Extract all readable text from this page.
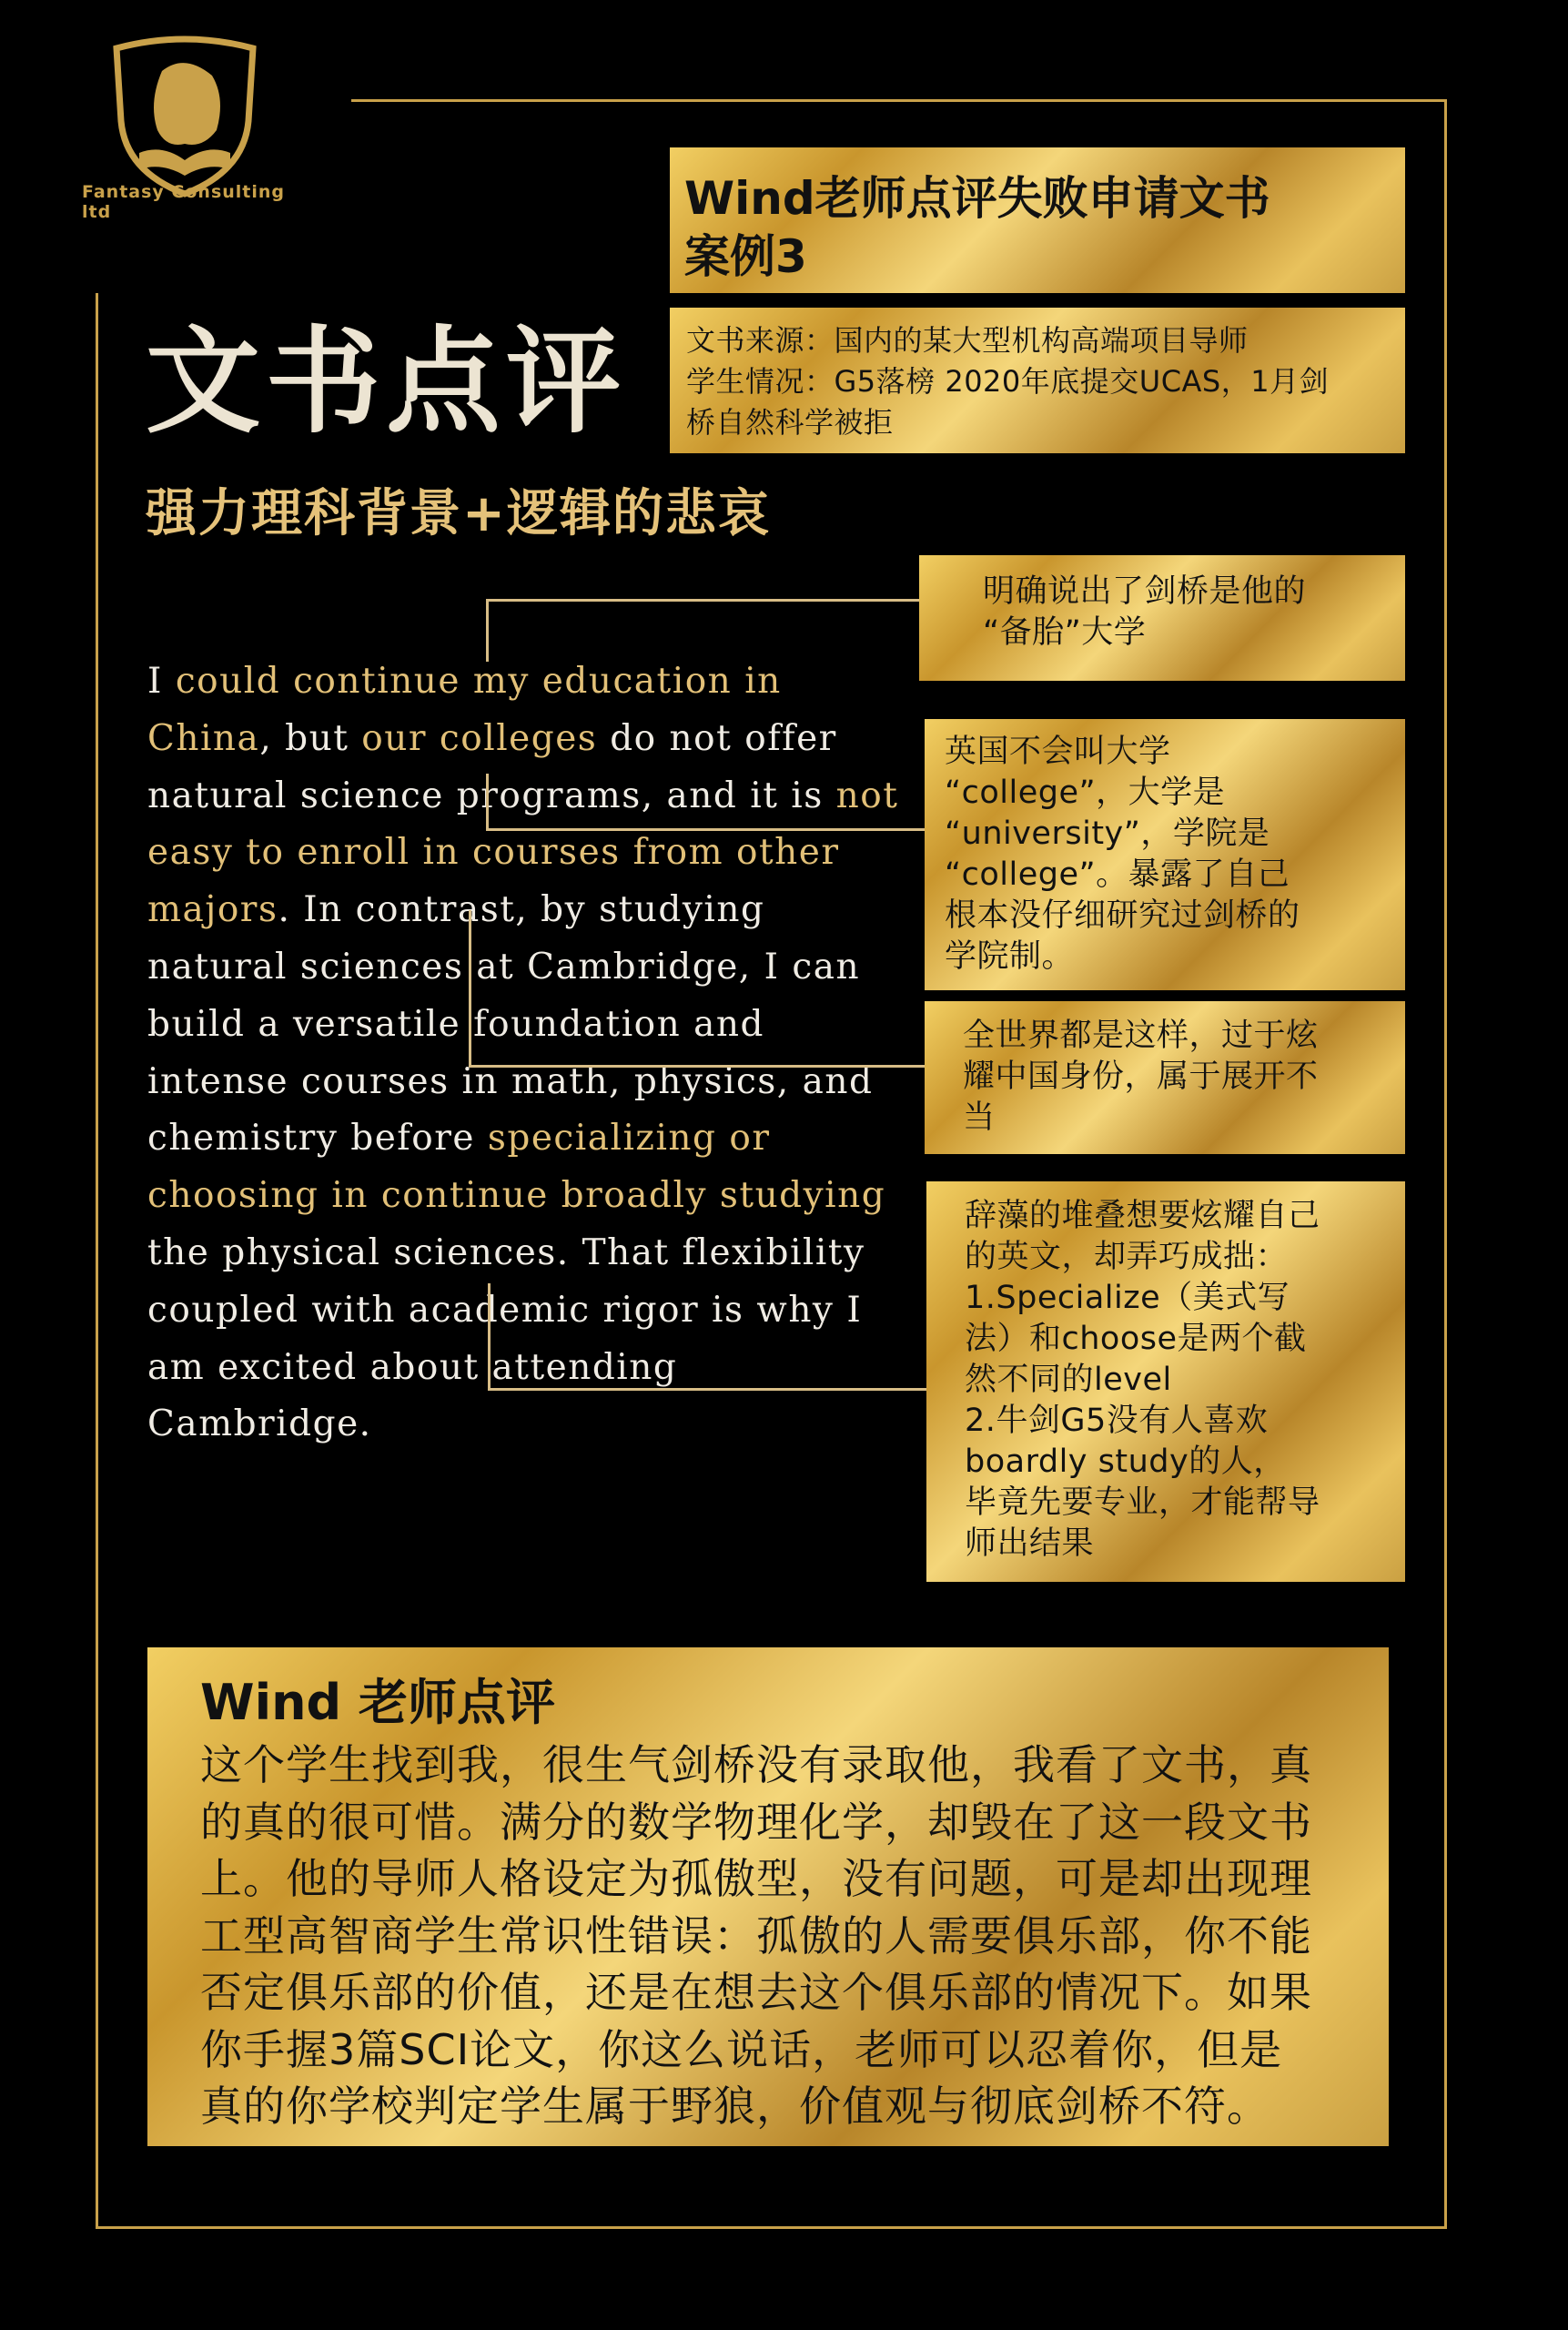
Fantasy Consulting ltd	Wind老师点评失败申请文书
案例3
文书来源：国内的某大型机构高端项目导师
学生情况：G5落榜 2020年底提交UCAS，1月剑
桥自然科学被拒
文书点评
强力理科背景+逻辑的悲哀
I could continue my education in China, but our colleges do not offer natural science programs, and it is not easy to enroll in courses from other majors. In contrast, by studying natural sciences at Cambridge, I can build a versatile foundation and intense courses in math, physics, and chemistry before specializing or choosing in continue broadly studying the physical sciences. That flexibility coupled with academic rigor is why I am excited about attending Cambridge.
明确说出了剑桥是他的
“备胎”大学
英国不会叫大学
“college”，大学是
“university”，学院是
“college”。暴露了自己
根本没仔细研究过剑桥的
学院制。
全世界都是这样，过于炫
耀中国身份，属于展开不
当
辞藻的堆叠想要炫耀自己
的英文，却弄巧成拙：
1.Specialize（美式写
法）和choose是两个截
然不同的level
2.牛剑G5没有人喜欢
boardly study的人，
毕竟先要专业，才能帮导
师出结果
Wind 老师点评
这个学生找到我，很生气剑桥没有录取他，我看了文书，真
的真的很可惜。满分的数学物理化学，却毁在了这一段文书
上。他的导师人格设定为孤傲型，没有问题，可是却出现理
工型高智商学生常识性错误：孤傲的人需要俱乐部，你不能
否定俱乐部的价值，还是在想去这个俱乐部的情况下。如果
你手握3篇SCI论文，你这么说话，老师可以忍着你，但是
真的你学校判定学生属于野狼，价值观与彻底剑桥不符。
